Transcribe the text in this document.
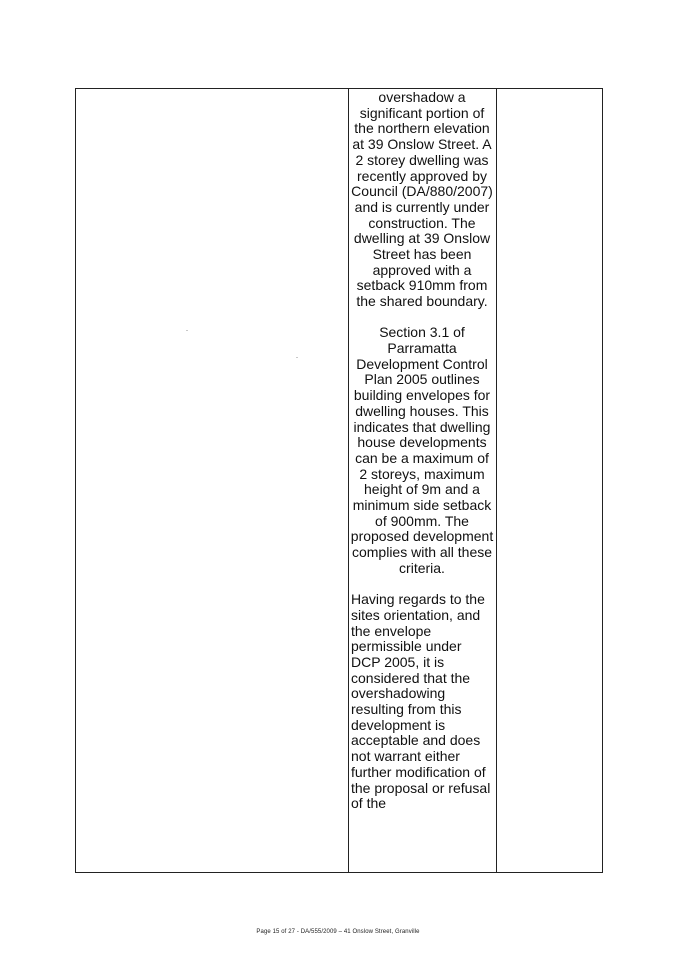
overshadow a significant portion of the northern elevation at 39 Onslow Street. A 2 storey dwelling was recently approved by Council (DA/880/2007) and is currently under construction. The dwelling at 39 Onslow Street has been approved with a setback 910mm from the shared boundary.

Section 3.1 of Parramatta Development Control Plan 2005 outlines building envelopes for dwelling houses. This indicates that dwelling house developments can be a maximum of 2 storeys, maximum height of 9m and a minimum side setback of 900mm. The proposed development complies with all these criteria.

Having regards to the sites orientation, and the envelope permissible under DCP 2005, it is considered that the overshadowing resulting from this development is acceptable and does not warrant either further modification of the proposal or refusal of the

Page 15 of 27 - DA/555/2009 – 41 Onslow Street, Granville
